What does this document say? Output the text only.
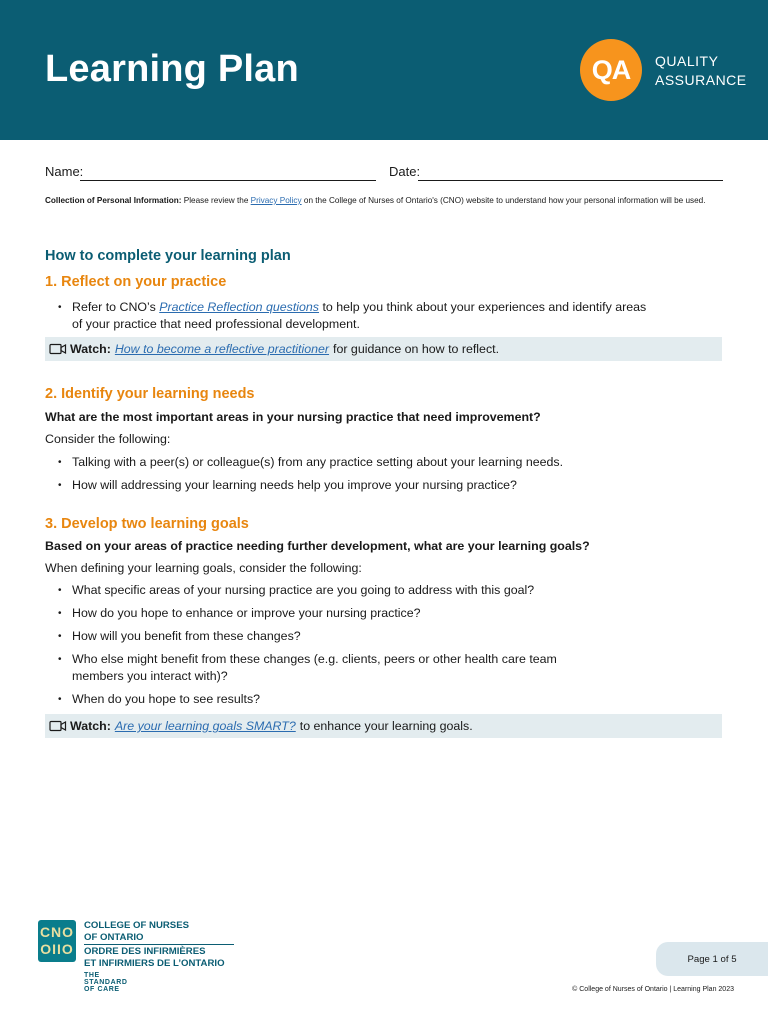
Learning Plan	QA	QUALITY
ASSURANCE
Name:	Date:
Collection of Personal Information: Please review the Privacy Policy on the College of Nurses of Ontario's (CNO) website to understand how your personal information will be used.
How to complete your learning plan
1. Reflect on your practice
• Refer to CNO’s Practice Reflection questions to help you think about your experiences and identify areas
of your practice that need professional development.
Watch: How to become a reflective practitioner for guidance on how to reflect.
2. Identify your learning needs
What are the most important areas in your nursing practice that need improvement?
Consider the following:
• Talking with a peer(s) or colleague(s) from any practice setting about your learning needs.
• How will addressing your learning needs help you improve your nursing practice?
3. Develop two learning goals
Based on your areas of practice needing further development, what are your learning goals?
When defining your learning goals, consider the following:
• What specific areas of your nursing practice are you going to address with this goal?
• How do you hope to enhance or improve your nursing practice?
• How will you benefit from these changes?
• Who else might benefit from these changes (e.g. clients, peers or other health care team
members you interact with)?
• When do you hope to see results?
Watch: Are your learning goals SMART? to enhance your learning goals.
CNO
OIIO
COLLEGE OF NURSES
OF ONTARIO
ORDRE DES INFIRMIÈRES
ET INFIRMIERS DE L’ONTARIO
THE STANDARD OF CARE
Page 1 of 5
© College of Nurses of Ontario | Learning Plan 2023
